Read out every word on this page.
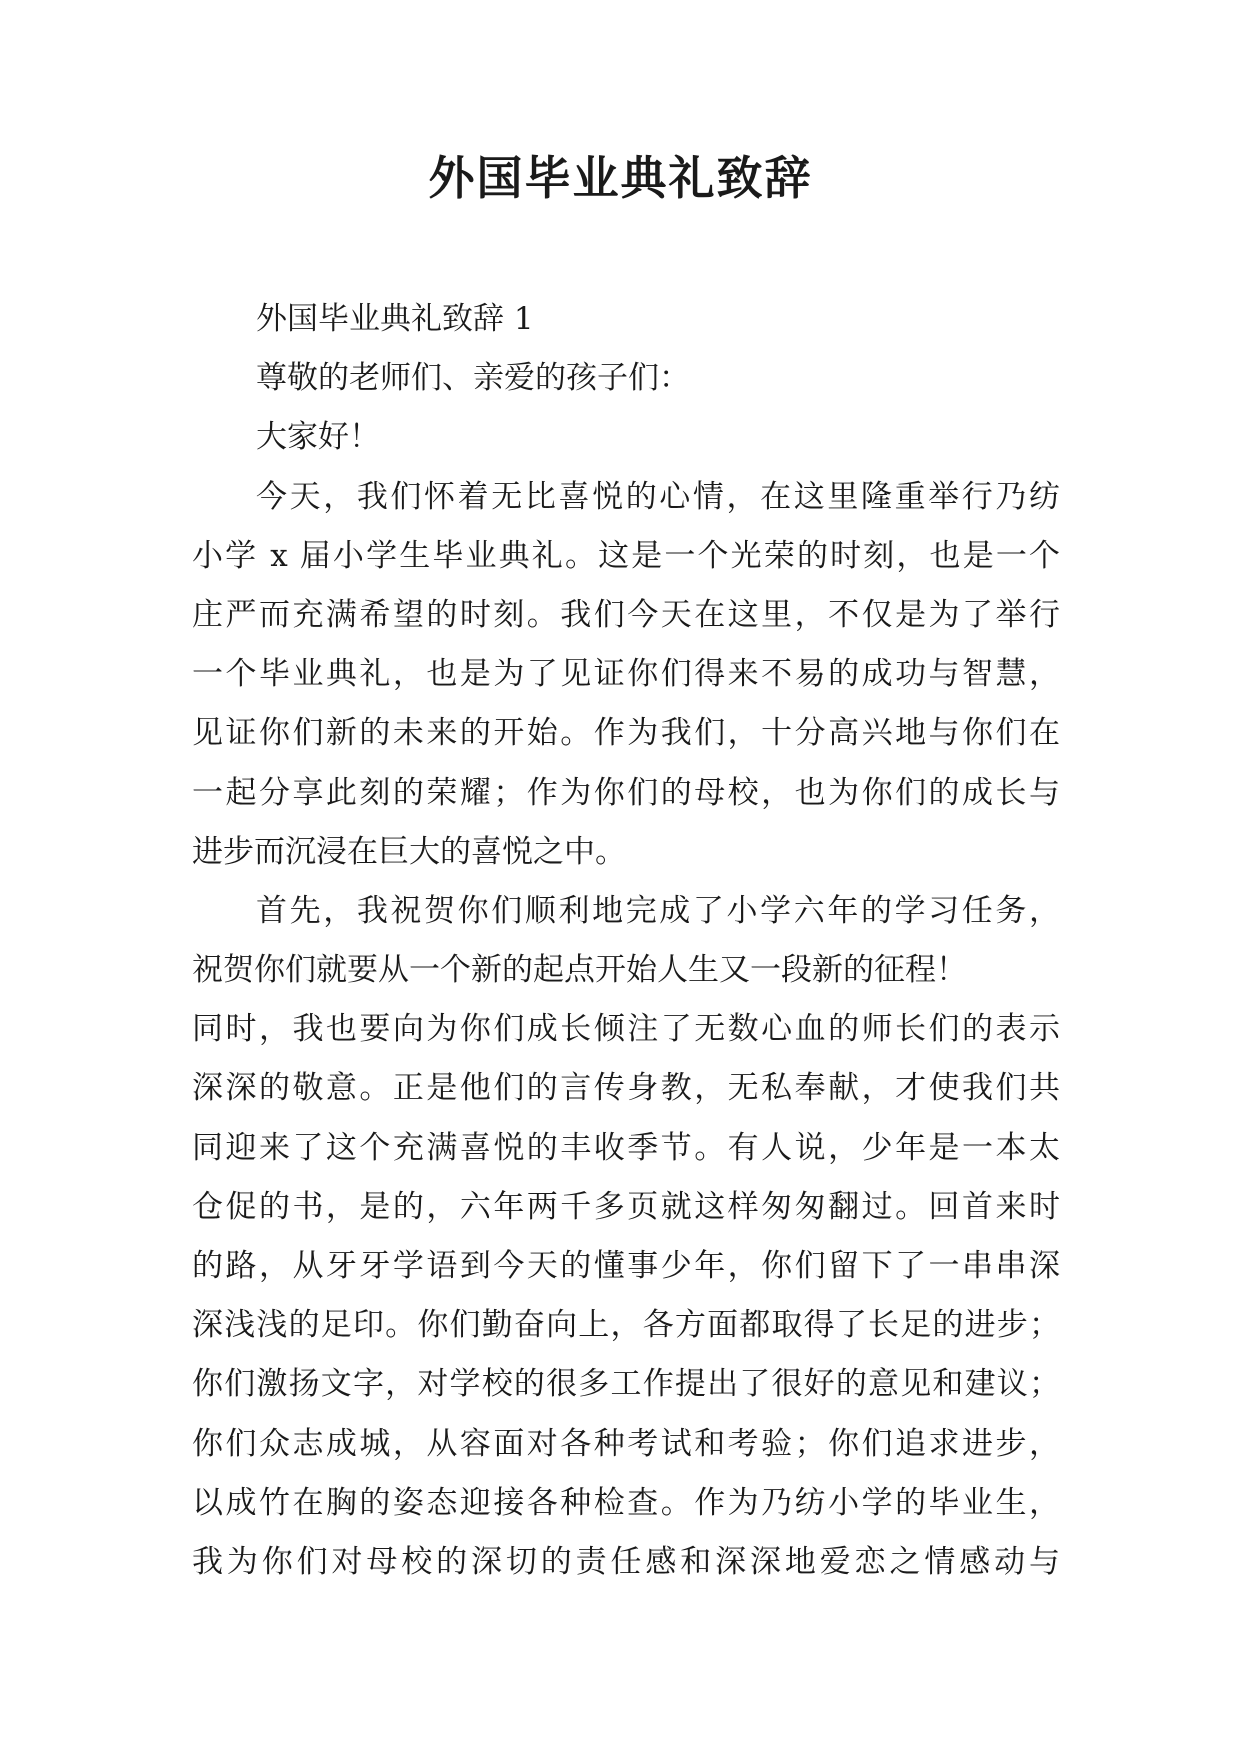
外国毕业典礼致辞
外国毕业典礼致辞 1
尊敬的老师们、亲爱的孩子们：
大家好！
今天，我们怀着无比喜悦的心情，在这里隆重举行乃纺
小学 x 届小学生毕业典礼。这是一个光荣的时刻，也是一个
庄严而充满希望的时刻。我们今天在这里，不仅是为了举行
一个毕业典礼，也是为了见证你们得来不易的成功与智慧，
见证你们新的未来的开始。作为我们，十分高兴地与你们在
一起分享此刻的荣耀；作为你们的母校，也为你们的成长与
进步而沉浸在巨大的喜悦之中。
首先，我祝贺你们顺利地完成了小学六年的学习任务，
祝贺你们就要从一个新的起点开始人生又一段新的征程！
同时，我也要向为你们成长倾注了无数心血的师长们的表示
深深的敬意。正是他们的言传身教，无私奉献，才使我们共
同迎来了这个充满喜悦的丰收季节。有人说，少年是一本太
仓促的书，是的，六年两千多页就这样匆匆翻过。回首来时
的路，从牙牙学语到今天的懂事少年，你们留下了一串串深
深浅浅的足印。你们勤奋向上，各方面都取得了长足的进步；
你们激扬文字，对学校的很多工作提出了很好的意见和建议；
你们众志成城，从容面对各种考试和考验；你们追求进步，
以成竹在胸的姿态迎接各种检查。作为乃纺小学的毕业生，
我为你们对母校的深切的责任感和深深地爱恋之情感动与
